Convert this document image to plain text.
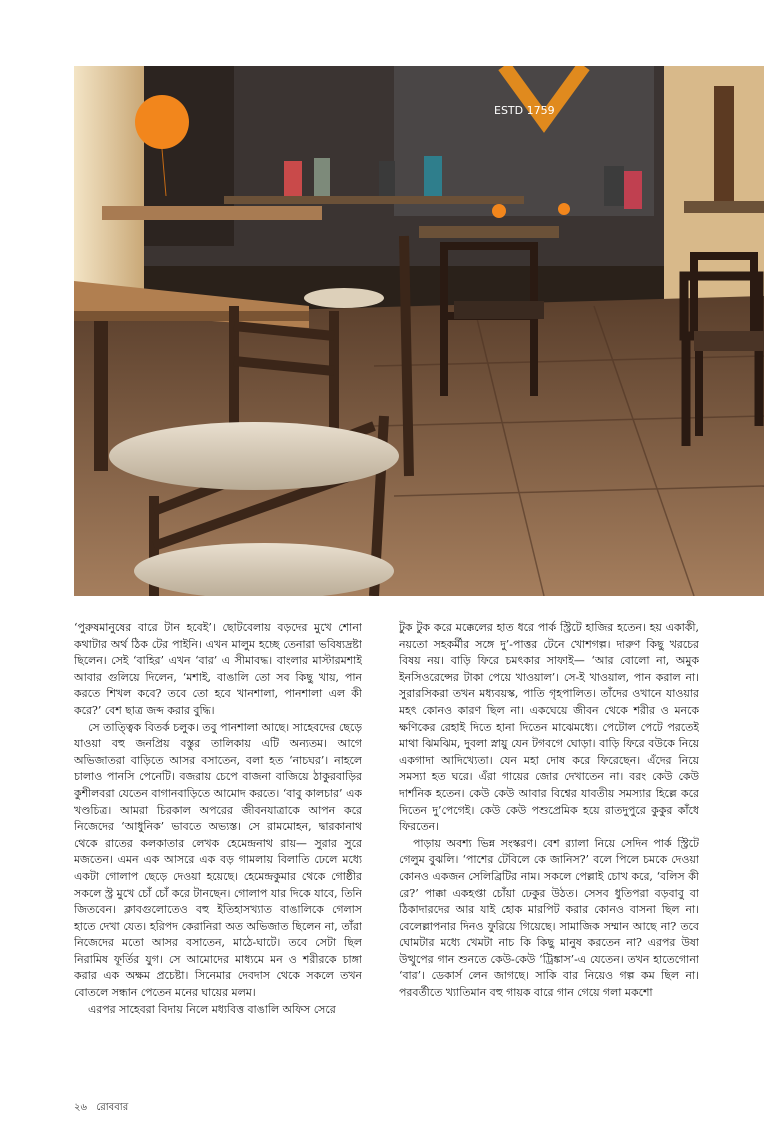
ESTD 1759

‘পুরুষমানুষের বারে টান হবেই’। ছোটবেলায় বড়দের মুখে শোনা কথাটার অর্থ ঠিক টের পাইনি। এখন মালুম হচ্ছে তেনারা ভবিষ্যদ্রষ্টা ছিলেন। সেই ‘বাহির’ এখন ‘বার’ এ সীমাবদ্ধ। বাংলার মাস্টারমশাই আবার গুলিয়ে দিলেন, ‘মশাই, বাঙালি তো সব কিছু খায়, পান করতে শিখল কবে? তবে তো হবে খানশালা, পানশালা এল কী করে?’ বেশ ছাত্র জব্দ করার বুদ্ধি।

সে তাত্ত্বিক বিতর্ক চলুক। তবু পানশালা আছে। সাহেবদের ছেড়ে যাওয়া বহু জনপ্রিয় বস্তুর তালিকায় এটি অন্যতম। আগে অভিজাতরা বাড়িতে আসর বসাতেন, বলা হত ‘নাচঘর’। নাহলে চালাও পানসি পেনেটি। বজরায় চেপে বাজনা বাজিয়ে ঠাকুরবাড়ির কুশীলবরা যেতেন বাগানবাড়িতে আমোদ করতে। ‘বাবু কালচার’ এক খণ্ডচিত্র। আমরা চিরকাল অপরের জীবনযাত্রাকে আপন করে নিজেদের ‘আধুনিক’ ভাবতে অভ্যস্ত। সে রামমোহন, দ্বারকানাথ থেকে রাতের কলকাতার লেখক হেমেন্দ্রনাথ রায়— সুরার সুরে মজতেন। এমন এক আসরে এক বড় গামলায় বিলাতি ঢেলে মধ্যে একটা গোলাপ ছেড়ে দেওয়া হয়েছে। হেমেন্দ্রকুমার থেকে গোষ্ঠীর সকলে স্ট্র মুখে চোঁ চোঁ করে টানছেন। গোলাপ যার দিকে যাবে, তিনি জিতবেন। ক্লাবগুলোতেও বহু ইতিহাসখ্যাত বাঙালিকে গেলাস হাতে দেখা যেত। হরিপদ কেরানিরা অত অভিজাত ছিলেন না, তাঁরা নিজেদের মতো আসর বসাতেন, মাঠে-ঘাটে। তবে সেটা ছিল নিরামিষ ফূর্তির যুগ। সে আমোদের মাধ্যমে মন ও শরীরকে চাঙ্গা করার এক অক্ষম প্রচেষ্টা। সিনেমার দেবদাস থেকে সকলে তখন বোতলে সন্ধান পেতেন মনের ঘায়ের মলম।

এরপর সাহেবরা বিদায় নিলে মধ্যবিত্ত বাঙালি অফিস সেরে

টুক টুক করে মক্কেলের হাত ধরে পার্ক স্ট্রিটে হাজির হতেন। হয় একাকী, নয়তো সহকর্মীর সঙ্গে দু’-পাত্তর টেনে খোশগল্প। দারুণ কিছু খরচের বিষয় নয়। বাড়ি ফিরে চমৎকার সাফাই— ‘আর বোলো না, অমুক ইনসিওরেন্সের টাকা পেয়ে খাওয়াল’। সে-ই খাওয়াল, পান করাল না। সুরারসিকরা তখন মধ্যবয়স্ক, পাতি গৃহপালিত। তাঁদের ওখানে যাওয়ার মহৎ কোনও কারণ ছিল না। একঘেয়ে জীবন থেকে শরীর ও মনকে ক্ষণিকের রেহাই দিতে হানা দিতেন মাঝেমধ্যে। পেটোল পেটে পরতেই মাথা ঝিমঝিম, দুবলা স্নায়ু যেন টগবগে ঘোড়া। বাড়ি ফিরে বউকে নিয়ে একগাদা আদিখ্যেতা। যেন মহা দোষ করে ফিরেছেন। এঁদের নিয়ে সমস্যা হত ঘরে। এঁরা গায়ের জোর দেখাতেন না। বরং কেউ কেউ দার্শনিক হতেন। কেউ কেউ আবার বিশ্বের যাবতীয় সমস্যার হিল্লে করে দিতেন দু’পেগেই। কেউ কেউ পশুপ্রেমিক হয়ে রাতদুপুরে কুকুর কাঁধে ফিরতেন।

পাড়ায় অবশ্য ভিন্ন সংস্করণ। বেশ র‍্যালা নিয়ে সেদিন পার্ক স্ট্রিটে গেলুম বুঝলি। ‘পাশের টেবিলে কে জানিস?’ বলে পিলে চমকে দেওয়া কোনও একজন সেলিব্রিটির নাম। সকলে পেল্লাই চোখ করে, ‘বলিস কী রে?’ পাক্কা একহপ্তা চোঁয়া ঢেকুর উঠত। সেসব ধুতিপরা বড়বাবু বা ঠিকাদারদের আর যাই হোক মারপিট করার কোনও বাসনা ছিল না। বেলেল্লাপনার দিনও ফুরিয়ে গিয়েছে। সামাজিক সম্মান আছে না? তবে ঘোমটার মধ্যে খেমটা নাচ কি কিছু মানুষ করতেন না? এরপর উষা উত্থুপের গান শুনতে কেউ-কেউ ‘ট্রিঙ্কাস’-এ যেতেন। তখন হাতেগোনা ‘বার’। ডেকার্স লেন জাগছে। সাকি বার নিয়েও গল্প কম ছিল না। পরবর্তীতে খ্যাতিমান বহু গায়ক বারে গান গেয়ে গলা মকশো

২৬ রোববার
